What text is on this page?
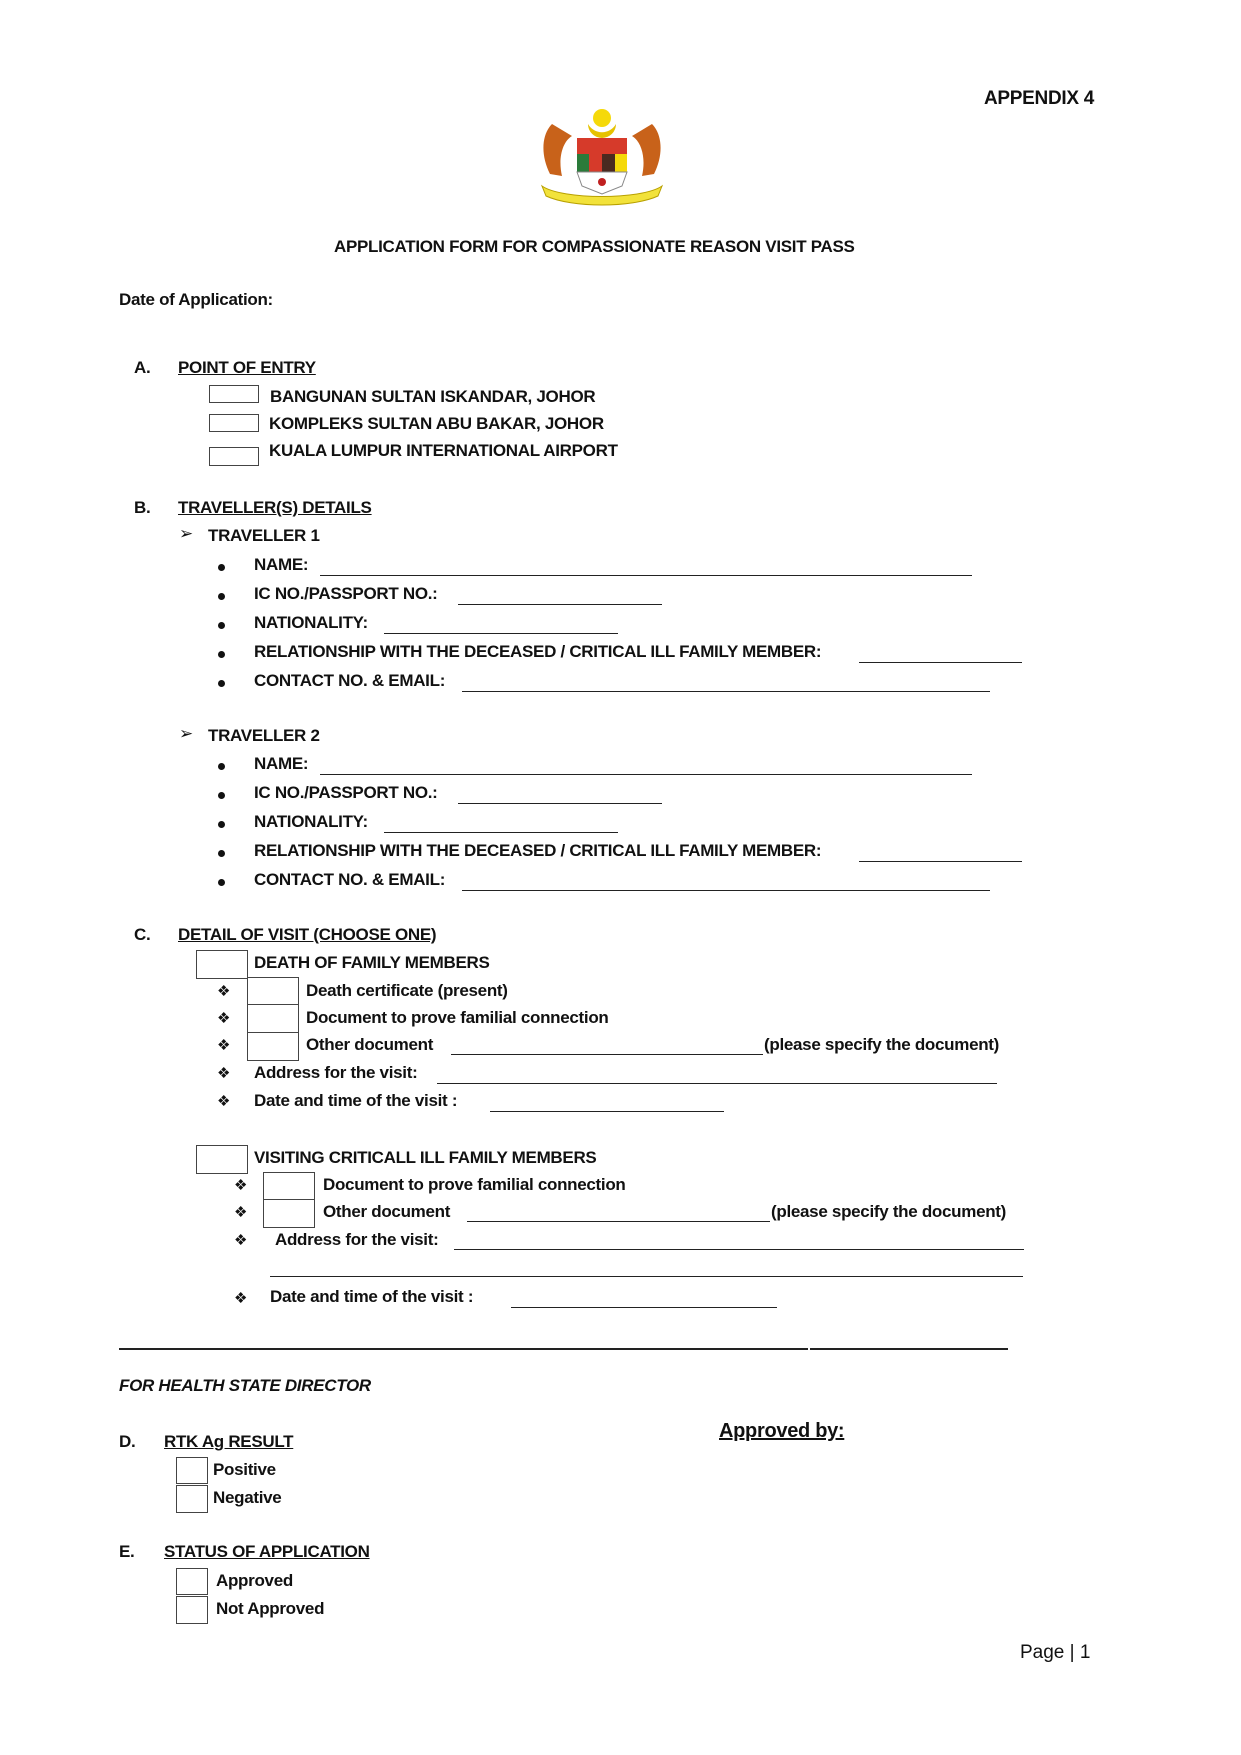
APPENDIX 4
APPLICATION FORM FOR COMPASSIONATE REASON VISIT PASS
Date of Application:
A. POINT OF ENTRY
BANGUNAN SULTAN ISKANDAR, JOHOR
KOMPLEKS SULTAN ABU BAKAR, JOHOR
KUALA LUMPUR INTERNATIONAL AIRPORT
B. TRAVELLER(S) DETAILS
➢ TRAVELLER 1
NAME:
IC NO./PASSPORT NO.:
NATIONALITY:
RELATIONSHIP WITH THE DECEASED / CRITICAL ILL FAMILY MEMBER:
CONTACT NO. & EMAIL:
➢ TRAVELLER 2
NAME:
IC NO./PASSPORT NO.:
NATIONALITY:
RELATIONSHIP WITH THE DECEASED / CRITICAL ILL FAMILY MEMBER:
CONTACT NO. & EMAIL:
C. DETAIL OF VISIT (CHOOSE ONE)
DEATH OF FAMILY MEMBERS
❖	Death certificate (present)
❖	Document to prove familial connection
❖	Other document	(please specify the document)
❖ Address for the visit:
❖ Date and time of the visit :
VISITING CRITICALL ILL FAMILY MEMBERS
❖	Document to prove familial connection
❖	Other document	(please specify the document)
❖ Address for the visit:
❖ Date and time of the visit :
FOR HEALTH STATE DIRECTOR
Approved by:
D. RTK Ag RESULT
Positive
Negative
E. STATUS OF APPLICATION
Approved
Not Approved
Page | 1
